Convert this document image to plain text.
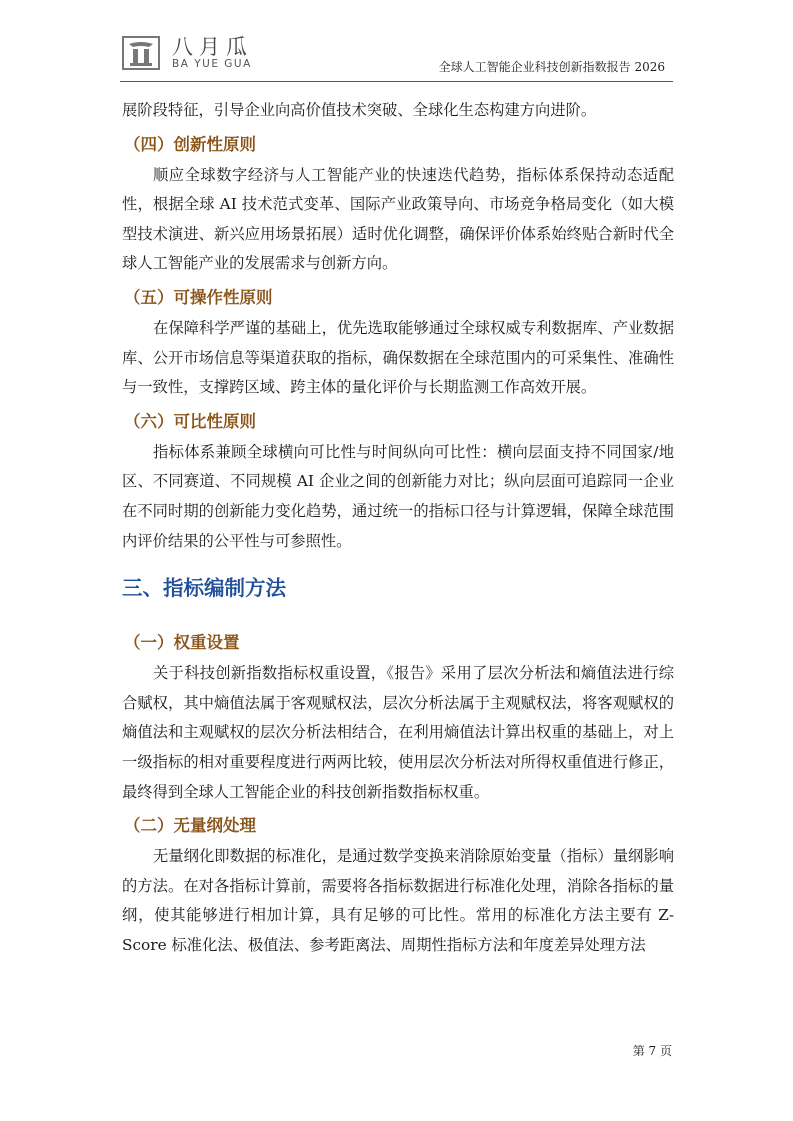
八月瓜
BA YUE GUA	全球人工智能企业科技创新指数报告 2026

展阶段特征，引导企业向高价值技术突破、全球化生态构建方向进阶。

（四）创新性原则

顺应全球数字经济与人工智能产业的快速迭代趋势，指标体系保持动态适配性，根据全球 AI 技术范式变革、国际产业政策导向、市场竞争格局变化（如大模型技术演进、新兴应用场景拓展）适时优化调整，确保评价体系始终贴合新时代全球人工智能产业的发展需求与创新方向。

（五）可操作性原则

在保障科学严谨的基础上，优先选取能够通过全球权威专利数据库、产业数据库、公开市场信息等渠道获取的指标，确保数据在全球范围内的可采集性、准确性与一致性，支撑跨区域、跨主体的量化评价与长期监测工作高效开展。

（六）可比性原则

指标体系兼顾全球横向可比性与时间纵向可比性：横向层面支持不同国家/地区、不同赛道、不同规模 AI 企业之间的创新能力对比；纵向层面可追踪同一企业在不同时期的创新能力变化趋势，通过统一的指标口径与计算逻辑，保障全球范围内评价结果的公平性与可参照性。

三、指标编制方法
（一）权重设置

关于科技创新指数指标权重设置，《报告》采用了层次分析法和熵值法进行综合赋权，其中熵值法属于客观赋权法，层次分析法属于主观赋权法，将客观赋权的熵值法和主观赋权的层次分析法相结合，在利用熵值法计算出权重的基础上，对上一级指标的相对重要程度进行两两比较，使用层次分析法对所得权重值进行修正，最终得到全球人工智能企业的科技创新指数指标权重。

（二）无量纲处理

无量纲化即数据的标准化，是通过数学变换来消除原始变量（指标）量纲影响的方法。在对各指标计算前，需要将各指标数据进行标准化处理，消除各指标的量纲，使其能够进行相加计算，具有足够的可比性。常用的标准化方法主要有 Z-Score 标准化法、极值法、参考距离法、周期性指标方法和年度差异处理方法

第 7 页
